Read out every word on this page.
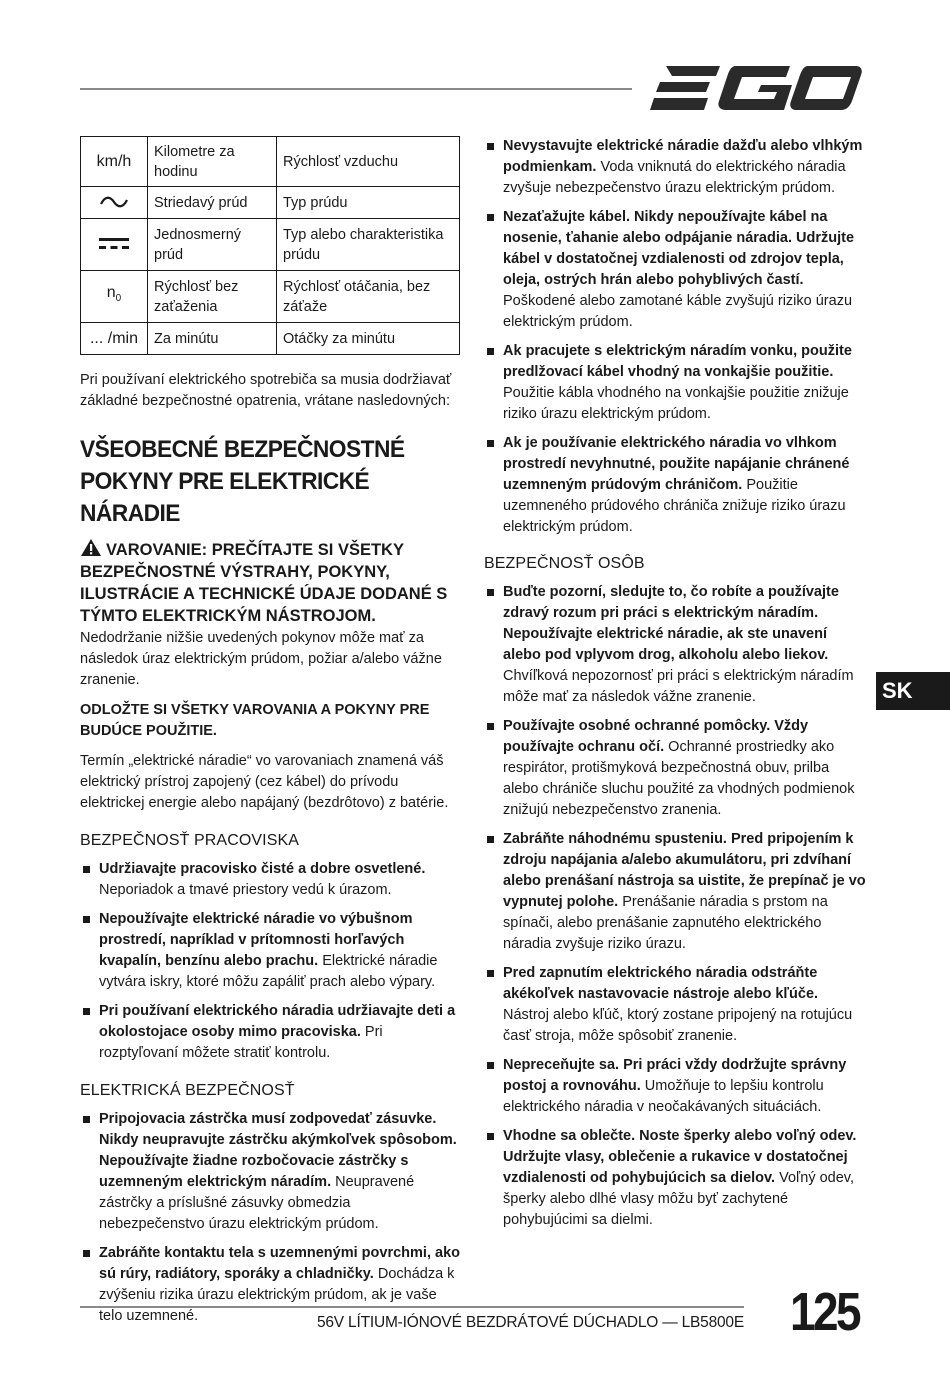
km/h	Kilometre za hodinu	Rýchlosť vzduchu
	Striedavý prúd	Typ prúdu
	Jednosmerný prúd	Typ alebo charakteristika prúdu
$n_0$	Rýchlosť bez zaťaženia	Rýchlosť otáčania, bez záťaže
... /min	Za minútu	Otáčky za minútu

Pri používaní elektrického spotrebiča sa musia dodržiavať základné bezpečnostné opatrenia, vrátane nasledovných:

VŠEOBECNÉ BEZPEČNOSTNÉ POKYNY PRE ELEKTRICKÉ NÁRADIE

VAROVANIE: PREČÍTAJTE SI VŠETKY BEZPEČNOSTNÉ VÝSTRAHY, POKYNY, ILUSTRÁCIE A TECHNICKÉ ÚDAJE DODANÉ S TÝMTO ELEKTRICKÝM NÁSTROJOM. Nedodržanie nižšie uvedených pokynov môže mať za následok úraz elektrickým prúdom, požiar a/alebo vážne zranenie.

ODLOŽTE SI VŠETKY VAROVANIA A POKYNY PRE BUDÚCE POUŽITIE.

Termín „elektrické náradie“ vo varovaniach znamená váš elektrický prístroj zapojený (cez kábel) do prívodu elektrickej energie alebo napájaný (bezdrôtovo) z batérie.

BEZPEČNOSŤ PRACOVISKA
Udržiavajte pracovisko čisté a dobre osvetlené. Neporiadok a tmavé priestory vedú k úrazom.
Nepoužívajte elektrické náradie vo výbušnom prostredí, napríklad v prítomnosti horľavých kvapalín, benzínu alebo prachu. Elektrické náradie vytvára iskry, ktoré môžu zapáliť prach alebo výpary.
Pri používaní elektrického náradia udržiavajte deti a okolostojace osoby mimo pracoviska. Pri rozptyľovaní môžete stratiť kontrolu.
ELEKTRICKÁ BEZPEČNOSŤ
Pripojovacia zástrčka musí zodpovedať zásuvke. Nikdy neupravujte zástrčku akýmkoľvek spôsobom. Nepoužívajte žiadne rozbočovacie zástrčky s uzemneným elektrickým náradím. Neupravené zástrčky a príslušné zásuvky obmedzia nebezpečenstvo úrazu elektrickým prúdom.
Zabráňte kontaktu tela s uzemnenými povrchmi, ako sú rúry, radiátory, sporáky a chladničky. Dochádza k zvýšeniu rizika úrazu elektrickým prúdom, ak je vaše telo uzemnené.
Nevystavujte elektrické náradie dažďu alebo vlhkým podmienkam. Voda vniknutá do elektrického náradia zvyšuje nebezpečenstvo úrazu elektrickým prúdom.
Nezaťažujte kábel. Nikdy nepoužívajte kábel na nosenie, ťahanie alebo odpájanie náradia. Udržujte kábel v dostatočnej vzdialenosti od zdrojov tepla, oleja, ostrých hrán alebo pohyblivých častí. Poškodené alebo zamotané káble zvyšujú riziko úrazu elektrickým prúdom.
Ak pracujete s elektrickým náradím vonku, použite predlžovací kábel vhodný na vonkajšie použitie. Použitie kábla vhodného na vonkajšie použitie znižuje riziko úrazu elektrickým prúdom.
Ak je používanie elektrického náradia vo vlhkom prostredí nevyhnutné, použite napájanie chránené uzemneným prúdovým chráničom. Použitie uzemneného prúdového chrániča znižuje riziko úrazu elektrickým prúdom.
BEZPEČNOSŤ OSÔB
Buďte pozorní, sledujte to, čo robíte a používajte zdravý rozum pri práci s elektrickým náradím. Nepoužívajte elektrické náradie, ak ste unavení alebo pod vplyvom drog, alkoholu alebo liekov. Chvíľková nepozornosť pri práci s elektrickým náradím môže mať za následok vážne zranenie.
Používajte osobné ochranné pomôcky. Vždy používajte ochranu očí. Ochranné prostriedky ako respirátor, protišmyková bezpečnostná obuv, prilba alebo chrániče sluchu použité za vhodných podmienok znižujú nebezpečenstvo zranenia.
Zabráňte náhodnému spusteniu. Pred pripojením k zdroju napájania a/alebo akumulátoru, pri zdvíhaní alebo prenášaní nástroja sa uistite, že prepínač je vo vypnutej polohe. Prenášanie náradia s prstom na spínači, alebo prenášanie zapnutého elektrického náradia zvyšuje riziko úrazu.
Pred zapnutím elektrického náradia odstráňte akékoľvek nastavovacie nástroje alebo kľúče. Nástroj alebo kľúč, ktorý zostane pripojený na rotujúcu časť stroja, môže spôsobiť zranenie.
Nepreceňujte sa. Pri práci vždy dodržujte správny postoj a rovnováhu. Umožňuje to lepšiu kontrolu elektrického náradia v neočakávaných situáciách.
Vhodne sa oblečte. Noste šperky alebo voľný odev. Udržujte vlasy, oblečenie a rukavice v dostatočnej vzdialenosti od pohybujúcich sa dielov. Voľný odev, šperky alebo dlhé vlasy môžu byť zachytené pohybujúcimi sa dielmi.
SK
56V LÍTIUM-IÓNOVÉ BEZDRÁTOVÉ DÚCHADLO — LB5800E 125
